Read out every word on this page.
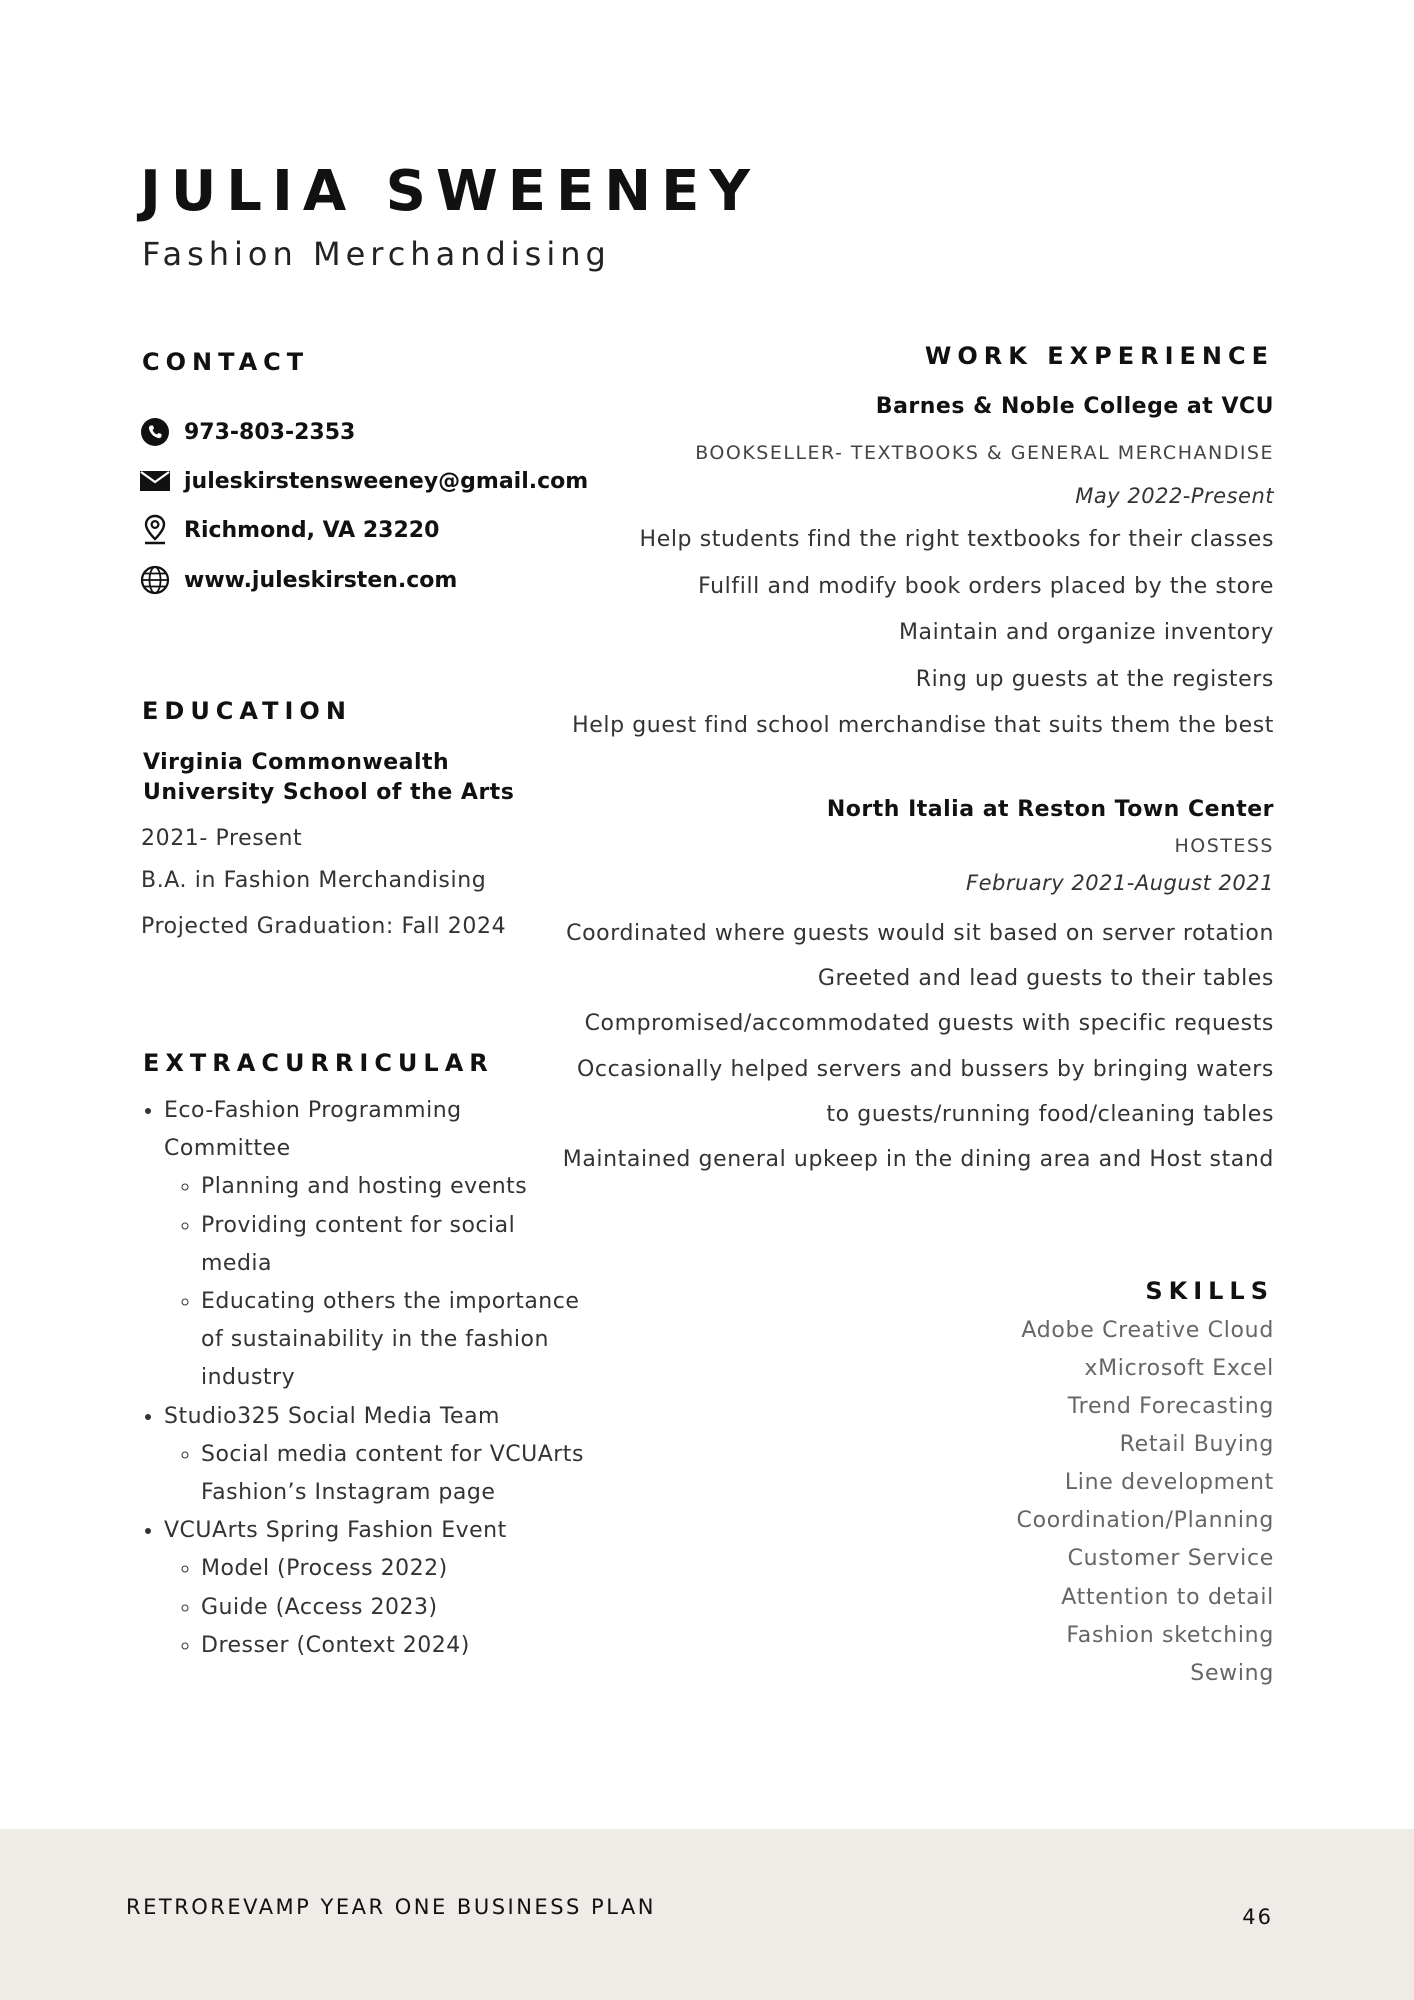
JULIA SWEENEY
Fashion Merchandising
CONTACT
973-803-2353
juleskirstensweeney@gmail.com
Richmond, VA 23220
www.juleskirsten.com
EDUCATION
Virginia Commonwealth University School of the Arts
2021- Present
B.A. in Fashion Merchandising
Projected Graduation: Fall 2024
EXTRACURRICULAR
• Eco-Fashion Programming Committee
◦ Planning and hosting events
◦ Providing content for social media
◦ Educating others the importance of sustainability in the fashion industry
• Studio325 Social Media Team
◦ Social media content for VCUArts Fashion’s Instagram page
• VCUArts Spring Fashion Event
◦ Model (Process 2022)
◦ Guide (Access 2023)
◦ Dresser (Context 2024)
WORK EXPERIENCE
Barnes & Noble College at VCU
BOOKSELLER- TEXTBOOKS & GENERAL MERCHANDISE
May 2022-Present
Help students find the right textbooks for their classes
Fulfill and modify book orders placed by the store
Maintain and organize inventory
Ring up guests at the registers
Help guest find school merchandise that suits them the best
North Italia at Reston Town Center
HOSTESS
February 2021-August 2021
Coordinated where guests would sit based on server rotation
Greeted and lead guests to their tables
Compromised/accommodated guests with specific requests
Occasionally helped servers and bussers by bringing waters
to guests/running food/cleaning tables
Maintained general upkeep in the dining area and Host stand
SKILLS
Adobe Creative Cloud
xMicrosoft Excel
Trend Forecasting
Retail Buying
Line development
Coordination/Planning
Customer Service
Attention to detail
Fashion sketching
Sewing
RETROREVAMP YEAR ONE BUSINESS PLAN	46
